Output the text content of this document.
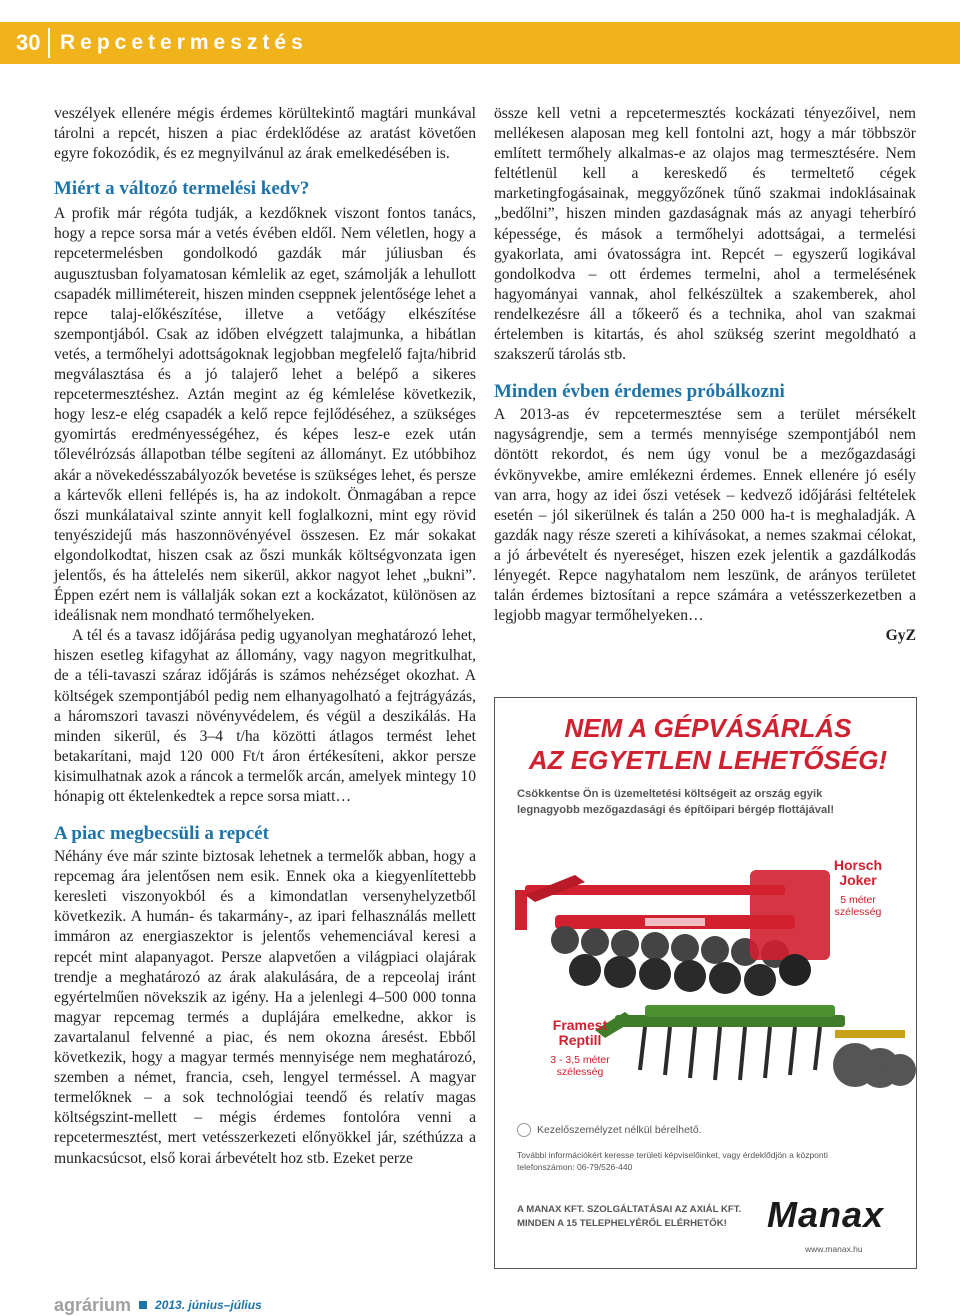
30 Repcetermesztés

veszélyek ellenére mégis érdemes körültekintő magtári munkával tárolni a repcét, hiszen a piac érdeklődése az aratást követően egyre fokozódik, és ez megnyilvánul az árak emelkedésében is.

Miért a változó termelési kedv?

A profik már régóta tudják, a kezdőknek viszont fontos tanács, hogy a repce sorsa már a vetés évében eldől. Nem véletlen, hogy a repcetermelésben gondolkodó gazdák már júliusban és augusztusban folyamatosan kémlelik az eget, számolják a lehullott csapadék millimétereit, hiszen minden cseppnek jelentősége lehet a repce talaj-előkészítése, illetve a vetőágy elkészítése szempontjából. Csak az időben elvégzett talajmunka, a hibátlan vetés, a termőhelyi adottságoknak legjobban megfelelő fajta/hibrid megválasztása és a jó talajerő lehet a belépő a sikeres repcetermesztéshez. Aztán megint az ég kémlelése következik, hogy lesz-e elég csapadék a kelő repce fejlődéséhez, a szükséges gyomirtás eredményességéhez, és képes lesz-e ezek után tőlevélrózsás állapotban télbe segíteni az állományt. Ez utóbbihoz akár a növekedésszabályozók bevetése is szükséges lehet, és persze a kártevők elleni fellépés is, ha az indokolt. Önmagában a repce őszi munkálataival szinte annyit kell foglalkozni, mint egy rövid tenyészidejű más haszonnövényével összesen. Ez már sokakat elgondolkodtat, hiszen csak az őszi munkák költségvonzata igen jelentős, és ha áttelelés nem sikerül, akkor nagyot lehet „bukni”. Éppen ezért nem is vállalják sokan ezt a kockázatot, különösen az ideálisnak nem mondható termőhelyeken.

A tél és a tavasz időjárása pedig ugyanolyan meghatározó lehet, hiszen esetleg kifagyhat az állomány, vagy nagyon megritkulhat, de a téli-tavaszi száraz időjárás is számos nehézséget okozhat. A költségek szempontjából pedig nem elhanyagolható a fejtrágyázás, a háromszori tavaszi növényvédelem, és végül a deszikálás. Ha minden sikerül, és 3–4 t/ha közötti átlagos termést lehet betakarítani, majd 120 000 Ft/t áron értékesíteni, akkor persze kisimulhatnak azok a ráncok a termelők arcán, amelyek mintegy 10 hónapig ott éktelenkedtek a repce sorsa miatt…

A piac megbecsüli a repcét

Néhány éve már szinte biztosak lehetnek a termelők abban, hogy a repcemag ára jelentősen nem esik. Ennek oka a kiegyenlítettebb keresleti viszonyokból és a kimondatlan versenyhelyzetből következik. A humán- és takarmány-, az ipari felhasználás mellett immáron az energiaszektor is jelentős vehemenciával keresi a repcét mint alapanyagot. Persze alapvetően a világpiaci olajárak trendje a meghatározó az árak alakulására, de a repceolaj iránt egyértelműen növekszik az igény. Ha a jelenlegi 4–500 000 tonna magyar repcemag termés a duplájára emelkedne, akkor is zavartalanul felvenné a piac, és nem okozna áresést. Ebből következik, hogy a magyar termés mennyisége nem meghatározó, szemben a német, francia, cseh, lengyel terméssel. A magyar termelőknek – a sok technológiai teendő és relatív magas költségszint-mellett – mégis érdemes fontolóra venni a repcetermesztést, mert vetésszerkezeti előnyökkel jár, széthúzza a munkacsúcsot, első korai árbevételt hoz stb. Ezeket perze

össze kell vetni a repcetermesztés kockázati tényezőivel, nem mellékesen alaposan meg kell fontolni azt, hogy a már többször említett termőhely alkalmas-e az olajos mag termesztésére. Nem feltétlenül kell a kereskedő és termeltető cégek marketingfogásainak, meggyőzőnek tűnő szakmai indoklásainak „bedőlni”, hiszen minden gazdaságnak más az anyagi teherbíró képessége, és mások a termőhelyi adottságai, a termelési gyakorlata, ami óvatosságra int. Repcét – egyszerű logikával gondolkodva – ott érdemes termelni, ahol a termelésének hagyományai vannak, ahol felkészültek a szakemberek, ahol rendelkezésre áll a tőkeerő és a technika, ahol van szakmai értelemben is kitartás, és ahol szükség szerint megoldható a szakszerű tárolás stb.

Minden évben érdemes próbálkozni

A 2013-as év repcetermesztése sem a terület mérsékelt nagyságrendje, sem a termés mennyisége szempontjából nem döntött rekordot, és nem úgy vonul be a mezőgazdasági évkönyvekbe, amire emlékezni érdemes. Ennek ellenére jó esély van arra, hogy az idei őszi vetések – kedvező időjárási feltételek esetén – jól sikerülnek és talán a 250 000 ha-t is meghaladják. A gazdák nagy része szereti a kihívásokat, a nemes szakmai célokat, a jó árbevételt és nyereséget, hiszen ezek jelentik a gazdálkodás lényegét. Repce nagyhatalom nem leszünk, de arányos területet talán érdemes biztosítani a repce számára a vetésszerkezetben a legjobb magyar termőhelyeken…

GyZ

NEM A GÉPVÁSÁRLÁS
AZ EGYETLEN LEHETŐSÉG!
Csökkentse Ön is üzemeltetési költségeit az ország egyik
legnagyobb mezőgazdasági és építőipari bérgép flottájával!
Horsch
Joker
5 méter
szélesség
Framest
Reptill
3 - 3,5 méter
szélesség
Kezelőszemélyzet nélkül bérelhető.
További információkért keresse területi képviselőinket, vagy érdeklődjön a központi telefonszámon: 06-79/526-440
A MANAX KFT. SZOLGÁLTATÁSAI AZ AXIÁL KFT.
MINDEN A 15 TELEPHELYÉRŐL ELÉRHETŐK!	Manax
www.manax.hu
agrárium 2013. június–július
